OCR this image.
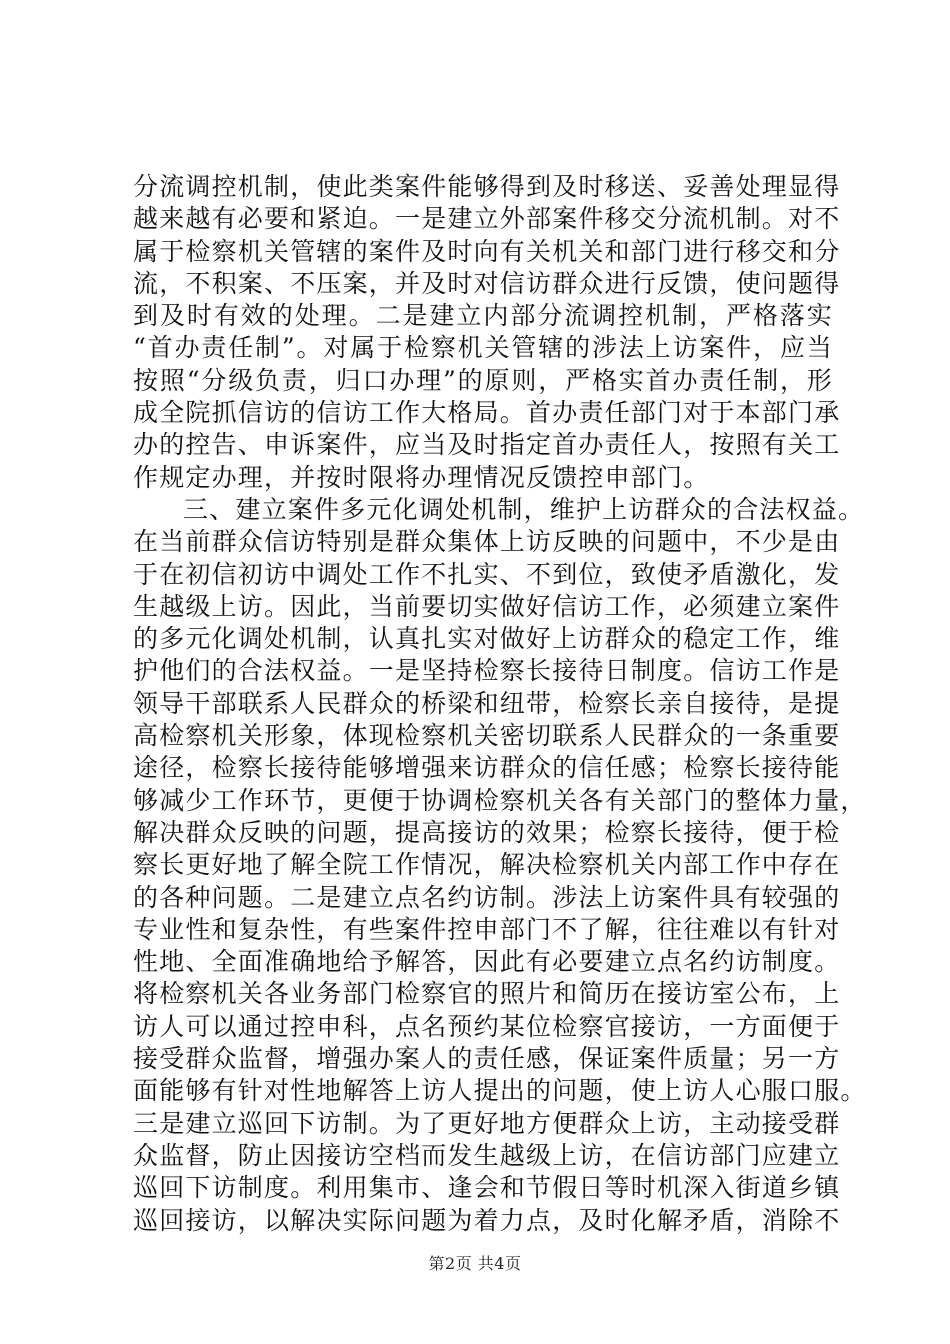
分流调控机制，使此类案件能够得到及时移送、妥善处理显得
越来越有必要和紧迫。一是建立外部案件移交分流机制。对不
属于检察机关管辖的案件及时向有关机关和部门进行移交和分
流，不积案、不压案，并及时对信访群众进行反馈，使问题得
到及时有效的处理。二是建立内部分流调控机制，严格落实
“首办责任制”。对属于检察机关管辖的涉法上访案件，应当
按照“分级负责，归口办理”的原则，严格实首办责任制，形
成全院抓信访的信访工作大格局。首办责任部门对于本部门承
办的控告、申诉案件，应当及时指定首办责任人，按照有关工
作规定办理，并按时限将办理情况反馈控申部门。
三、建立案件多元化调处机制，维护上访群众的合法权益。
在当前群众信访特别是群众集体上访反映的问题中，不少是由
于在初信初访中调处工作不扎实、不到位，致使矛盾激化，发
生越级上访。因此，当前要切实做好信访工作，必须建立案件
的多元化调处机制，认真扎实对做好上访群众的稳定工作，维
护他们的合法权益。一是坚持检察长接待日制度。信访工作是
领导干部联系人民群众的桥梁和纽带，检察长亲自接待，是提
高检察机关形象，体现检察机关密切联系人民群众的一条重要
途径，检察长接待能够增强来访群众的信任感；检察长接待能
够减少工作环节，更便于协调检察机关各有关部门的整体力量，
解决群众反映的问题，提高接访的效果；检察长接待，便于检
察长更好地了解全院工作情况，解决检察机关内部工作中存在
的各种问题。二是建立点名约访制。涉法上访案件具有较强的
专业性和复杂性，有些案件控申部门不了解，往往难以有针对
性地、全面准确地给予解答，因此有必要建立点名约访制度。
将检察机关各业务部门检察官的照片和简历在接访室公布，上
访人可以通过控申科，点名预约某位检察官接访，一方面便于
接受群众监督，增强办案人的责任感，保证案件质量；另一方
面能够有针对性地解答上访人提出的问题，使上访人心服口服。
三是建立巡回下访制。为了更好地方便群众上访，主动接受群
众监督，防止因接访空档而发生越级上访，在信访部门应建立
巡回下访制度。利用集市、逢会和节假日等时机深入街道乡镇
巡回接访，以解决实际问题为着力点，及时化解矛盾，消除不
第2页 共4页
